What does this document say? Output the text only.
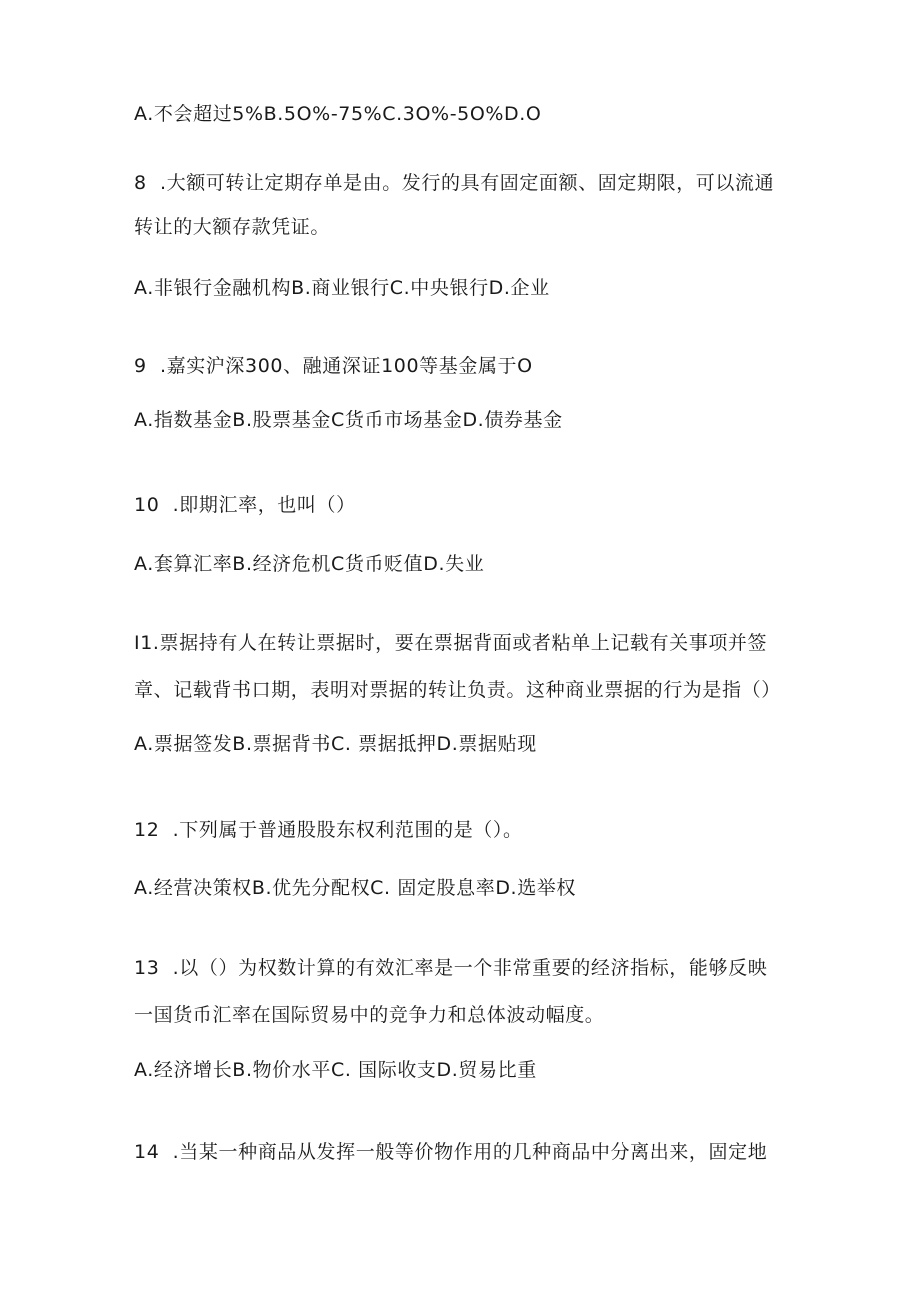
A.不会超过5%B.5O%-75%C.3O%-5O%D.O
8  .大额可转让定期存单是由。发行的具有固定面额、固定期限，可以流通
转让的大额存款凭证。
A.非银行金融机构B.商业银行C.中央银行D.企业
9  .嘉实沪深300、融通深证100等基金属于O
A.指数基金B.股票基金C货币市场基金D.债券基金
10  .即期汇率，也叫（）
A.套算汇率B.经济危机C货币贬值D.失业
I1.票据持有人在转让票据时，要在票据背面或者粘单上记载有关事项并签
章、记载背书口期，表明对票据的转让负责。这种商业票据的行为是指（）
A.票据签发B.票据背书C. 票据抵押D.票据贴现
12  .下列属于普通股股东权利范围的是（）。
A.经营决策权B.优先分配权C. 固定股息率D.选举权
13  .以（）为权数计算的有效汇率是一个非常重要的经济指标，能够反映
一国货币汇率在国际贸易中的竞争力和总体波动幅度。
A.经济增长B.物价水平C. 国际收支D.贸易比重
14  .当某一种商品从发挥一般等价物作用的几种商品中分离出来，固定地
